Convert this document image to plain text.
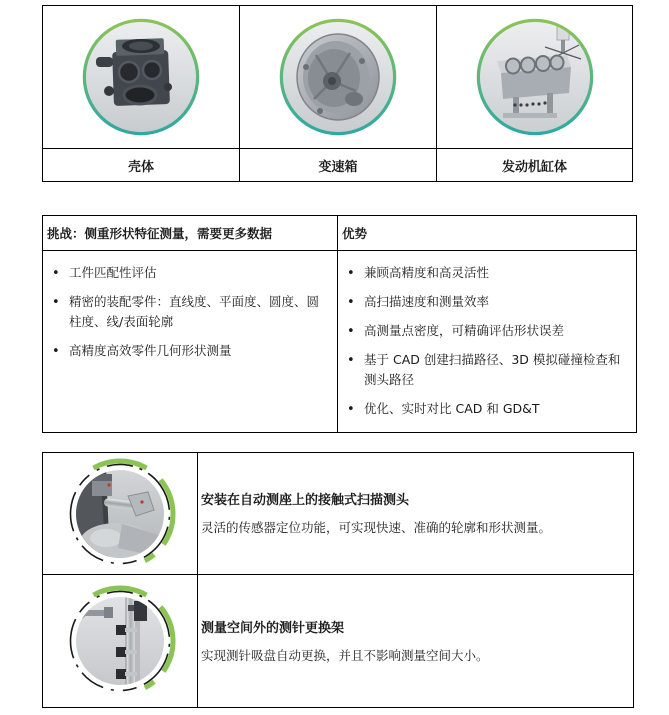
壳体	变速箱	发动机缸体
挑战：侧重形状特征测量，需要更多数据	优势

•
工件匹配性评估
•
精密的装配零件：直线度、平面度、圆度、圆柱度、线/表面轮廓
•
高精度高效零件几何形状测量

•
兼顾高精度和高灵活性
•
高扫描速度和测量效率
•
高测量点密度，可精确评估形状误差
•
基于 CAD 创建扫描路径、3D 模拟碰撞检查和测头路径
•
优化、实时对比 CAD 和 GD&T

安装在自动测座上的接触式扫描测头
灵活的传感器定位功能，可实现快速、准确的轮廓和形状测量。

测量空间外的测针更换架
实现测针吸盘自动更换，并且不影响测量空间大小。
